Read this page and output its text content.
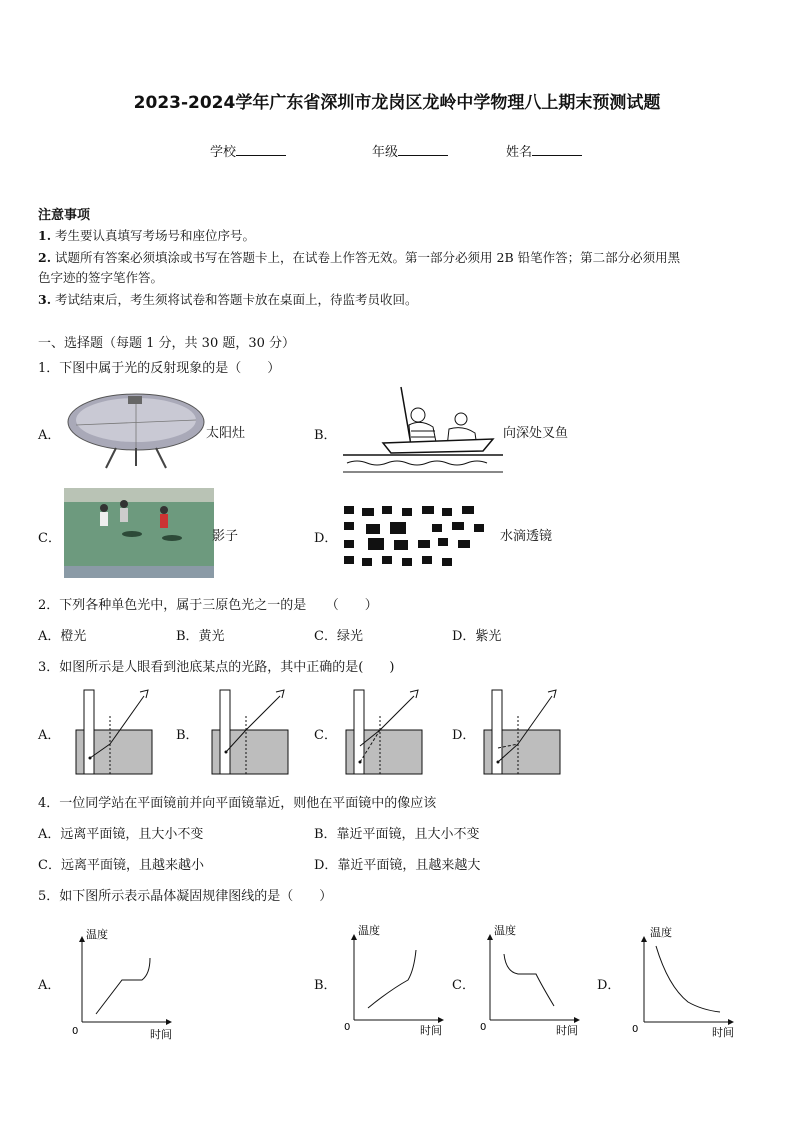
2023-2024学年广东省深圳市龙岗区龙岭中学物理八上期末预测试题
学校	年级	姓名
注意事项
1. 考生要认真填写考场号和座位序号。
2. 试题所有答案必须填涂或书写在答题卡上，在试卷上作答无效。第一部分必须用 2B 铅笔作答；第二部分必须用黑
色字迹的签字笔作答。
3. 考试结束后，考生须将试卷和答题卡放在桌面上，待监考员收回。
一、选择题（每题 1 分，共 30 题，30 分）
1．下图中属于光的反射现象的是（　　）
A．	太阳灶	B．	向深处叉鱼
C．	影子	D．	水滴透镜
2．下列各种单色光中，属于三原色光之一的是　　（　　）
A．橙光	B．黄光	C．绿光	D．紫光
3．如图所示是人眼看到池底某点的光路，其中正确的是(　　)
A．	B．	C．	D．
4．一位同学站在平面镜前并向平面镜靠近，则他在平面镜中的像应该
A．远离平面镜，且大小不变	B．靠近平面镜，且大小不变
C．远离平面镜，且越来越小	D．靠近平面镜，且越来越大
5．如下图所示表示晶体凝固规律图线的是（　　）
A．	B．	C．	D．
温度
0	时间
温度
0	时间
温度
0	时间
温度
0	时间
